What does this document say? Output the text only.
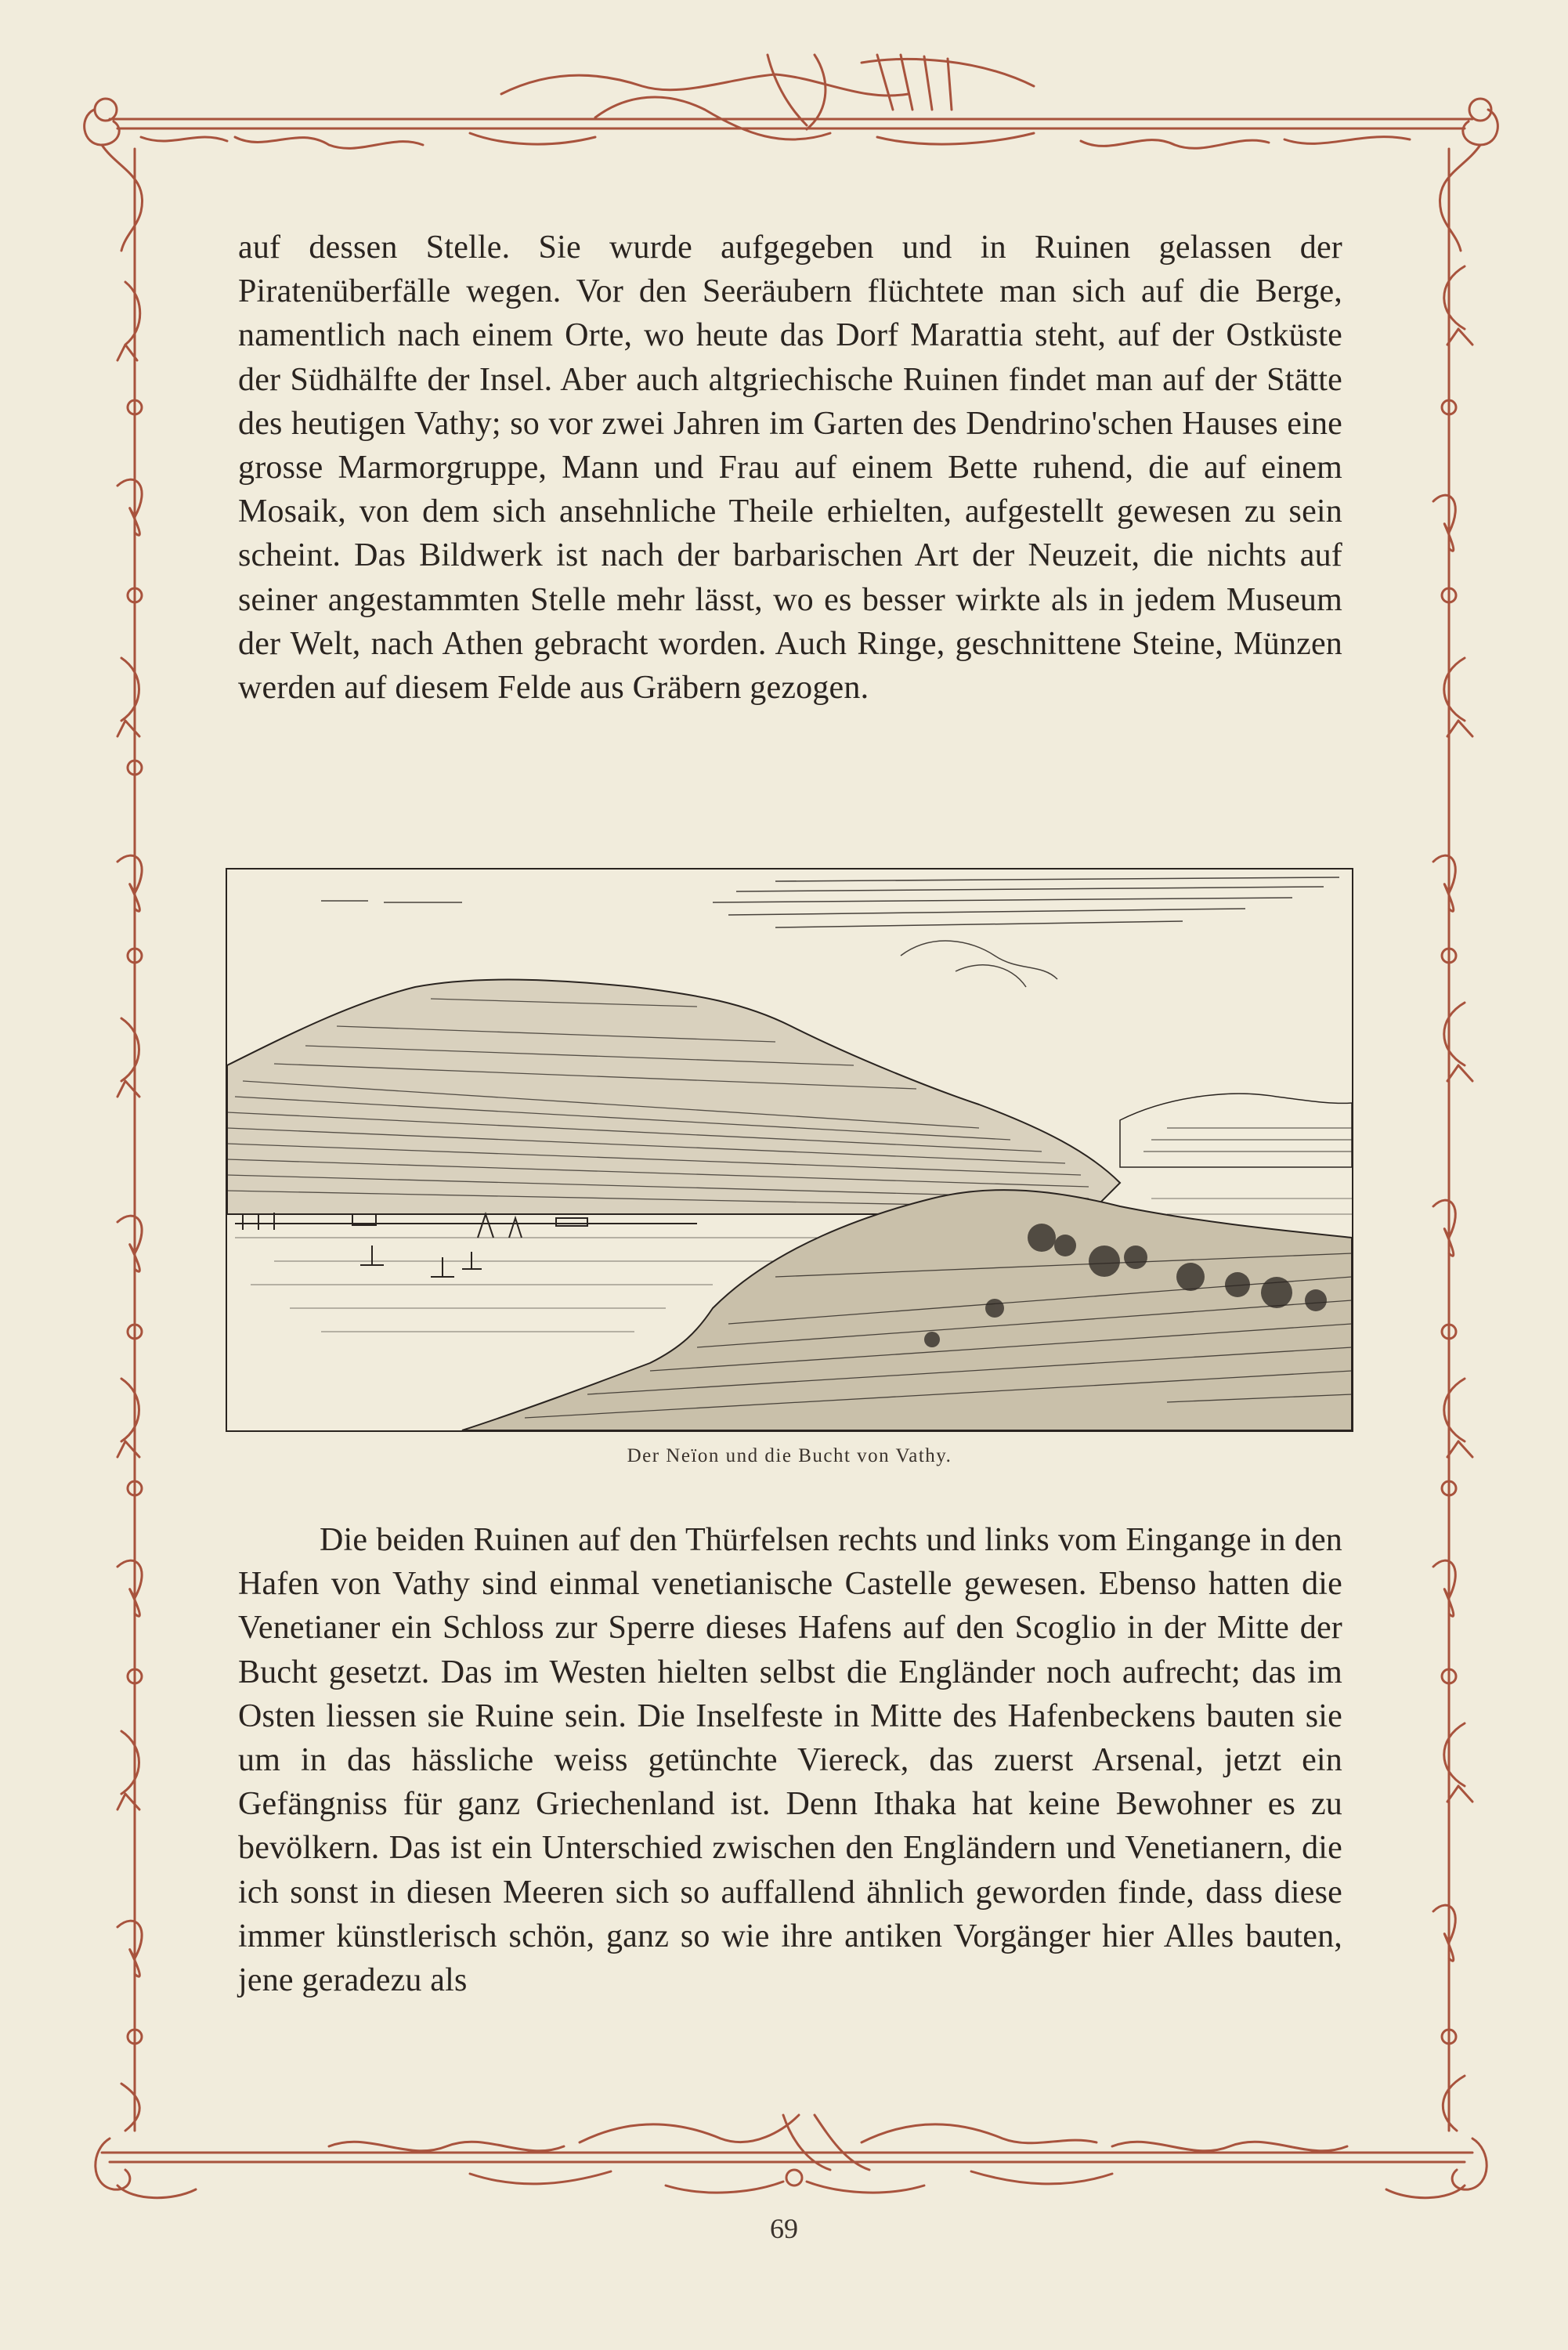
auf dessen Stelle. Sie wurde aufgegeben und in Ruinen gelassen der Piratenüberfälle wegen. Vor den Seeräubern flüchtete man sich auf die Berge, namentlich nach einem Orte, wo heute das Dorf Marattia steht, auf der Ostküste der Südhälfte der Insel. Aber auch altgriechische Ruinen findet man auf der Stätte des heutigen Vathy; so vor zwei Jahren im Garten des Dendrino'schen Hauses eine grosse Marmorgruppe, Mann und Frau auf einem Bette ruhend, die auf einem Mosaik, von dem sich ansehnliche Theile erhielten, aufgestellt gewesen zu sein scheint. Das Bildwerk ist nach der barbarischen Art der Neuzeit, die nichts auf seiner angestammten Stelle mehr lässt, wo es besser wirkte als in jedem Museum der Welt, nach Athen gebracht worden. Auch Ringe, geschnittene Steine, Münzen werden auf diesem Felde aus Gräbern gezogen.

Der Neïon und die Bucht von Vathy.

Die beiden Ruinen auf den Thürfelsen rechts und links vom Eingange in den Hafen von Vathy sind einmal venetianische Castelle gewesen. Ebenso hatten die Venetianer ein Schloss zur Sperre dieses Hafens auf den Scoglio in der Mitte der Bucht gesetzt. Das im Westen hielten selbst die Engländer noch aufrecht; das im Osten liessen sie Ruine sein. Die Inselfeste in Mitte des Hafenbeckens bauten sie um in das hässliche weiss getünchte Viereck, das zuerst Arsenal, jetzt ein Gefängniss für ganz Griechenland ist. Denn Ithaka hat keine Bewohner es zu bevölkern. Das ist ein Unterschied zwischen den Engländern und Venetianern, die ich sonst in diesen Meeren sich so auffallend ähnlich geworden finde, dass diese immer künstlerisch schön, ganz so wie ihre antiken Vorgänger hier Alles bauten, jene geradezu als

69
